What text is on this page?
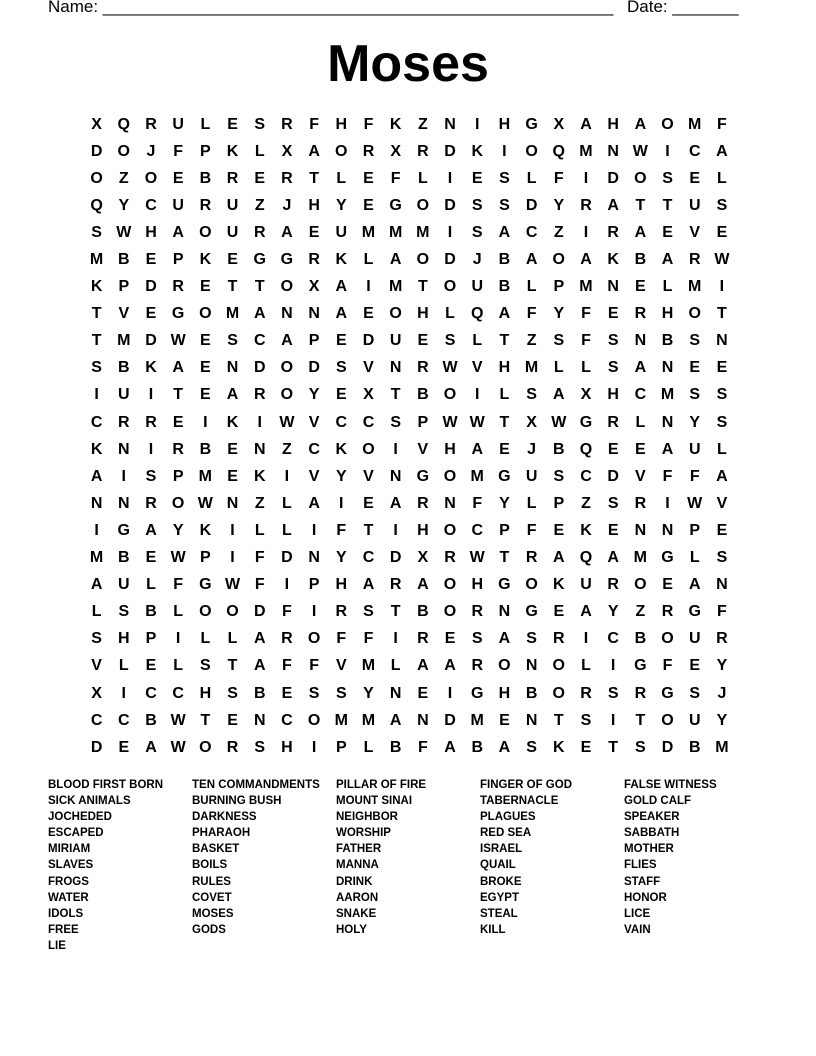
Name: ______________________________________________________ Date: _______
Moses
X Q R U	L	E	S	R	F	H	F	K	Z	N	I	H G X	A H A O M F
D O	J	F	P	K	L	X	A O R	X	R D K	I	O Q M N W	I	C A
O	Z	O E	B R	E	R	T	L	E	F	L	I	E	S	L	F	I	D O S	E	L
Q Y	C U R U	Z	J	H	Y	E G O D	S	S	D	Y	R A	T	T	U	S
S W H A O U R A	E	U M M M	I	S	A C	Z	I	R A	E	V	E
M B	E	P	K	E G G R K	L	A O D	J	B A O A K B A R W
K	P	D R	E	T	T	O X	A	I	M T	O U B	L	P M N	E	L M	I
T	V	E G O M A N N A	E O H	L	Q A	F	Y	F	E	R H O	T
T M D W E	S	C A	P	E	D U	E	S	L	T	Z	S	F	S	N B	S	N
S	B K A	E	N D O D	S	V	N R W V	H M L	L	S	A N	E	E
I	U	I	T	E	A R O Y	E	X	T	B O	I	L	S	A	X	H C M S	S
C R R	E	I	K	I	W V	C C	S	P W W T	X W G R	L	N	Y	S
K N	I	R B	E	N	Z	C K O	I	V	H A	E	J	B Q E	E	A U	L
A	I	S	P M E	K	I	V	Y	V	N G O M G U	S	C D	V	F	F	A
N N R O W N	Z	L	A	I	E	A R N	F	Y	L	P	Z	S	R	I	W V
I	G A	Y	K	I	L	L	I	F	T	I	H O C	P	F	E	K	E	N N	P	E
M B	E W P	I	F	D N	Y	C D	X	R W T	R A Q A M G	L	S
A U	L	F	G W F	I	P	H A R A O H G O K U R O E	A N
L	S	B	L	O O D	F	I	R	S	T	B O R N G E	A	Y	Z	R G	F
S	H	P	I	L	L	A R O	F	F	I	R	E	S	A	S	R	I	C B O U R
V	L	E	L	S	T	A	F	F	V M L	A A R O N O	L	I	G	F	E	Y
X	I	C C H	S	B	E	S	S	Y	N	E	I	G H B O R	S	R G S	J
C C B W T	E	N C O M M A N D M E	N	T	S	I	T	O U	Y
D	E	A W O R	S	H	I	P	L	B	F	A B A	S	K	E	T	S	D B M
BLOOD FIRST BORN
SICK ANIMALS
JOCHEDED
ESCAPED
MIRIAM
SLAVES
FROGS
WATER
IDOLS
FREE
LIE
TEN COMMANDMENTS
BURNING BUSH
DARKNESS
PHARAOH
BASKET
BOILS
RULES
COVET
MOSES
GODS
PILLAR OF FIRE
MOUNT SINAI
NEIGHBOR
WORSHIP
FATHER
MANNA
DRINK
AARON
SNAKE
HOLY
FINGER OF GOD
TABERNACLE
PLAGUES
RED SEA
ISRAEL
QUAIL
BROKE
EGYPT
STEAL
KILL
FALSE WITNESS
GOLD CALF
SPEAKER
SABBATH
MOTHER
FLIES
STAFF
HONOR
LICE
VAIN
